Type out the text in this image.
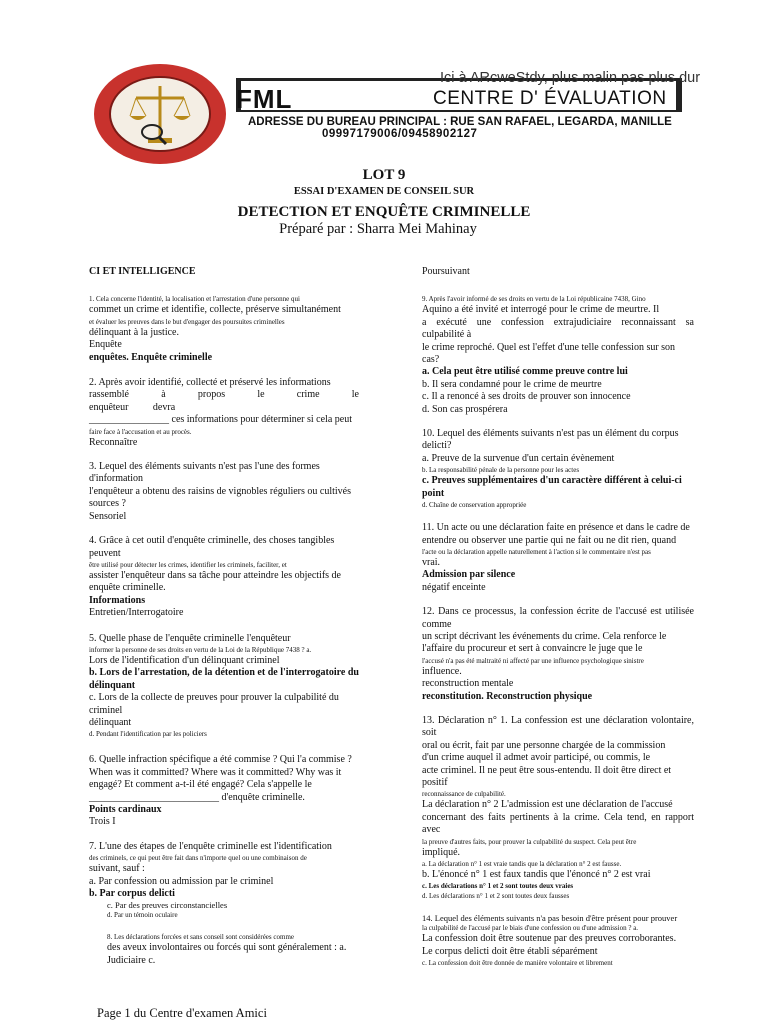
Ici à ARcweStdy, plus malin pas plus dur
FML	CENTRE D' ÉVALUATION
ADRESSE DU BUREAU PRINCIPAL : RUE SAN RAFAEL, LEGARDA, MANILLE
09997179006/09458902127
LOT 9
ESSAI D'EXAMEN DE CONSEIL SUR
DETECTION ET ENQUÊTE CRIMINELLE
Préparé par : Sharra Mei Mahinay

CI ET INTELLIGENCE

1. Cela concerne l'identité, la localisation et l'arrestation d'une personne qui

commet un crime et identifie, collecte, préserve simultanément

et évaluer les preuves dans le but d'engager des poursuites criminelles

délinquant à la justice.

Enquête

enquêtes. Enquête criminelle

2. Après avoir identifié, collecté et préservé les informations

rassemblé à propos le crime le enquêteur devra

________________ ces informations pour déterminer si cela peut

faire face à l'accusation et au procès.

Reconnaître

3. Lequel des éléments suivants n'est pas l'une des formes d'information

l'enquêteur a obtenu des raisins de vignobles réguliers ou cultivés

sources ?

Sensoriel

4. Grâce à cet outil d'enquête criminelle, des choses tangibles peuvent

être utilisé pour détecter les crimes, identifier les criminels, faciliter, et

assister l'enquêteur dans sa tâche pour atteindre les objectifs de

enquête criminelle.

Informations

Entretien/Interrogatoire

5. Quelle phase de l'enquête criminelle l'enquêteur

informer la personne de ses droits en vertu de la Loi de la République 7438 ? a.

Lors de l'identification d'un délinquant criminel

b. Lors de l'arrestation, de la détention et de l'interrogatoire du

délinquant

c. Lors de la collecte de preuves pour prouver la culpabilité du criminel

délinquant

d. Pendant l'identification par les policiers

6. Quelle infraction spécifique a été commise ? Qui l'a commise ?

When was it committed? Where was it committed? Why was it

engagé? Et comment a-t-il été engagé? Cela s'appelle le

__________________________ d'enquête criminelle.

Points cardinaux

Trois I

7. L'une des étapes de l'enquête criminelle est l'identification

des criminels, ce qui peut être fait dans n'importe quel ou une combinaison de

suivant, sauf :

a. Par confession ou admission par le criminel

b. Par corpus delicti

c. Par des preuves circonstancielles

d. Par un témoin oculaire

8. Les déclarations forcées et sans conseil sont considérées comme

des aveux involontaires ou forcés qui sont généralement : a. Judiciaire c.

Poursuivant

9. Après l'avoir informé de ses droits en vertu de la Loi républicaine 7438, Gino

Aquino a été invité et interrogé pour le crime de meurtre. Il

a exécuté une confession extrajudiciaire reconnaissant sa culpabilité à

le crime reproché. Quel est l'effet d'une telle confession sur son

cas?

a. Cela peut être utilisé comme preuve contre lui

b. Il sera condamné pour le crime de meurtre

c. Il a renoncé à ses droits de prouver son innocence

d. Son cas prospérera

10. Lequel des éléments suivants n'est pas un élément du corpus delicti?

a. Preuve de la survenue d'un certain évènement

b. La responsabilité pénale de la personne pour les actes

c. Preuves supplémentaires d'un caractère différent à celui-ci

point

d. Chaîne de conservation appropriée

11. Un acte ou une déclaration faite en présence et dans le cadre de

entendre ou observer une partie qui ne fait ou ne dit rien, quand

l'acte ou la déclaration appelle naturellement à l'action si le commentaire n'est pas

vrai.

Admission par silence

négatif enceinte

12. Dans ce processus, la confession écrite de l'accusé est utilisée comme

un script décrivant les événements du crime. Cela renforce le

l'affaire du procureur et sert à convaincre le juge que le

l'accusé n'a pas été maltraité ni affecté par une influence psychologique sinistre

influence.

reconstruction mentale

reconstitution. Reconstruction physique

13. Déclaration n° 1. La confession est une déclaration volontaire, soit

oral ou écrit, fait par une personne chargée de la commission

d'un crime auquel il admet avoir participé, ou commis, le

acte criminel. Il ne peut être sous-entendu. Il doit être direct et positif

reconnaissance de culpabilité.

La déclaration n° 2 L'admission est une déclaration de l'accusé

concernant des faits pertinents à la crime. Cela tend, en rapport avec

la preuve d'autres faits, pour prouver la culpabilité du suspect. Cela peut être

impliqué.

a. La déclaration n° 1 est vraie tandis que la déclaration n° 2 est fausse.

b. L'énoncé n° 1 est faux tandis que l'énoncé n° 2 est vrai

c. Les déclarations n° 1 et 2 sont toutes deux vraies

d. Les déclarations n° 1 et 2 sont toutes deux fausses

14. Lequel des éléments suivants n'a pas besoin d'être présent pour prouver

la culpabilité de l'accusé par le biais d'une confession ou d'une admission ? a.

La confession doit être soutenue par des preuves corroborantes.

Le corpus delicti doit être établi séparément

c. La confession doit être donnée de manière volontaire et librement

Page 1 du Centre d'examen Amici
